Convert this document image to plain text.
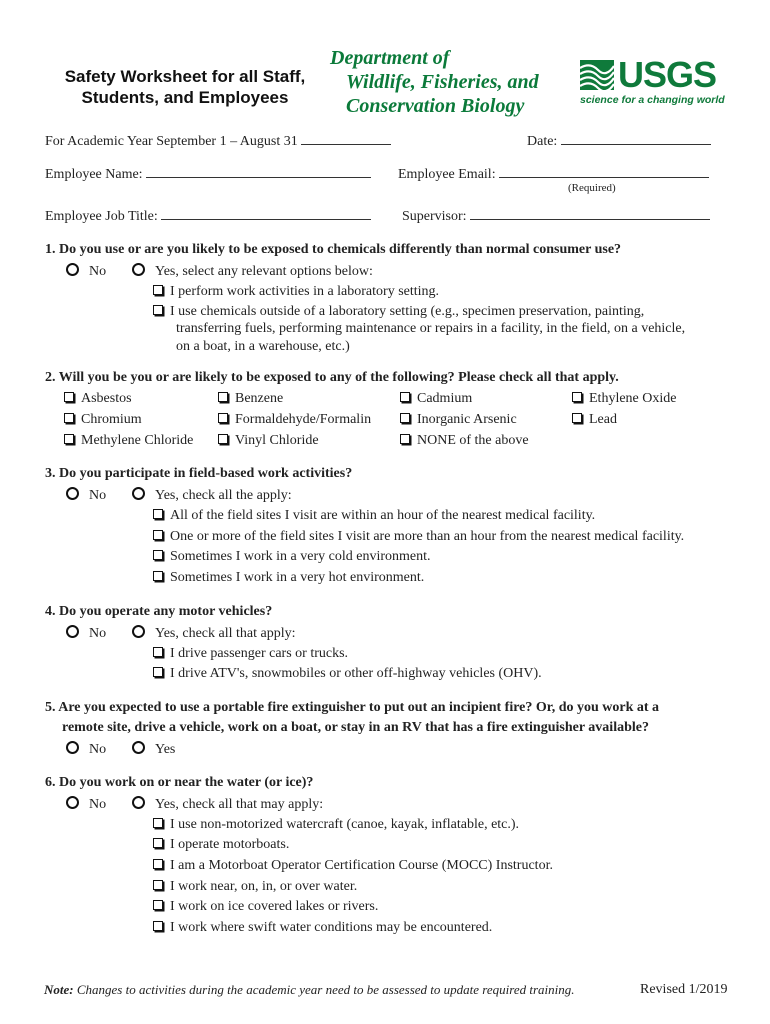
Safety Worksheet for all Staff,
Students, and Employees
Department of
Wildlife, Fisheries, and
Conservation Biology
USGS
science for a changing world
For Academic Year September 1 – August 31	Date:
Employee Name:	Employee Email:
(Required)
Employee Job Title:	Supervisor:
1. Do you use or are you likely to be exposed to chemicals differently than normal consumer use?
No	Yes, select any relevant options below:
I perform work activities in a laboratory setting.
I use chemicals outside of a laboratory setting (e.g., specimen preservation, painting,
transferring fuels, performing maintenance or repairs in a facility, in the field, on a vehicle,
on a boat, in a warehouse, etc.)
2. Will you be you or are likely to be exposed to any of the following? Please check all that apply.
Asbestos	Benzene	Cadmium	Ethylene Oxide
Chromium	Formaldehyde/Formalin	Inorganic Arsenic	Lead
Methylene Chloride	Vinyl Chloride	NONE of the above
3. Do you participate in field-based work activities?
No	Yes, check all the apply:
All of the field sites I visit are within an hour of the nearest medical facility.
One or more of the field sites I visit are more than an hour from the nearest medical facility.
Sometimes I work in a very cold environment.
Sometimes I work in a very hot environment.
4. Do you operate any motor vehicles?
No	Yes, check all that apply:
I drive passenger cars or trucks.
I drive ATV's, snowmobiles or other off-highway vehicles (OHV).
5. Are you expected to use a portable fire extinguisher to put out an incipient fire? Or, do you work at a
remote site, drive a vehicle, work on a boat, or stay in an RV that has a fire extinguisher available?
No	Yes
6. Do you work on or near the water (or ice)?
No	Yes, check all that may apply:
I use non-motorized watercraft (canoe, kayak, inflatable, etc.).
I operate motorboats.
I am a Motorboat Operator Certification Course (MOCC) Instructor.
I work near, on, in, or over water.
I work on ice covered lakes or rivers.
I work where swift water conditions may be encountered.
Note: Changes to activities during the academic year need to be assessed to update required training.	Revised 1/2019
